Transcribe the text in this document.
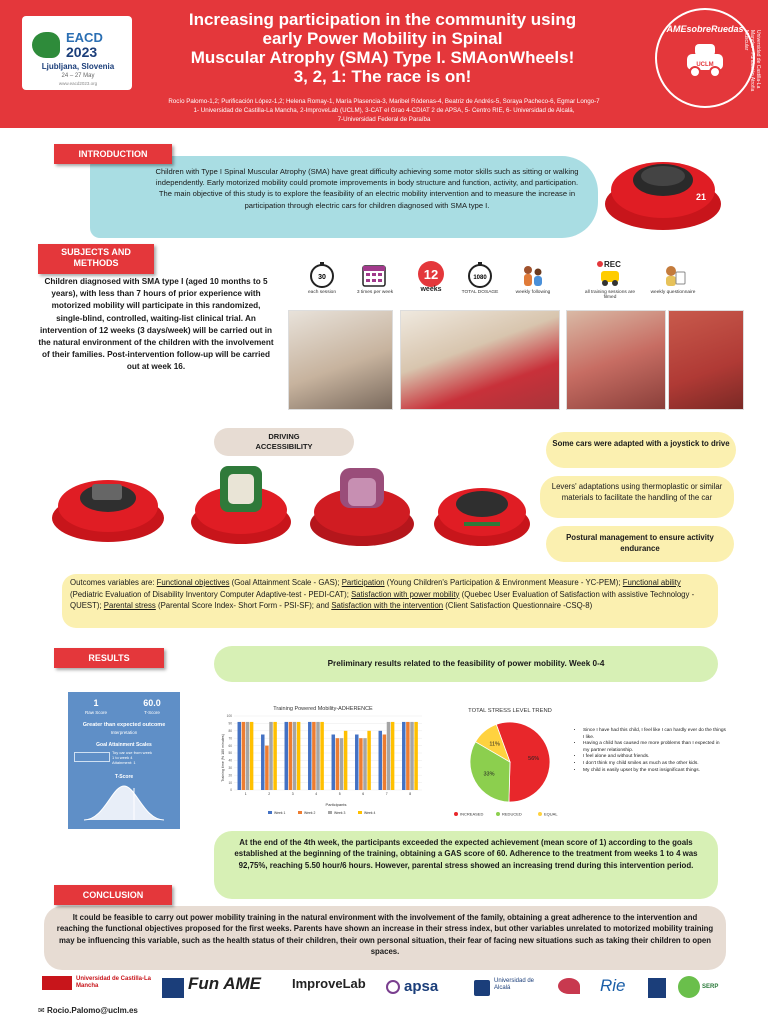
EACD
2023
Ljubljana, Slovenia
24 – 27 May
www.eacd2023.org
Increasing participation in the community using
early Power Mobility in Spinal
Muscular Atrophy (SMA) Type I. SMAonWheels!
3, 2, 1: The race is on!
AMEsobreRuedas
UCLM	Universidad de Castilla-La Mancha • Fundación Atrofia Muscular
Rocío Palomo-1,2; Purificación López-1,2; Helena Romay-1, María Plasencia-3, Maribel Ródenas-4, Beatriz de Andrés-5, Soraya Pacheco-6, Egmar Longo-7
1- Universidad de Castilla-La Mancha, 2-ImproveLab (UCLM), 3-CAT el Grao 4-CDIAT 2 de APSA, 5- Centro RIE, 6- Universidad de Alcalá,
7-Universidad Federal de Paraíba
Children with Type I Spinal Muscular Atrophy (SMA) have great difficulty achieving some motor skills such as sitting or walking independently. Early motorized mobility could promote improvements in body structure and function, activity, and participation. The main objective of this study is to explore the feasibility of an electric mobility intervention and to measure the increase in participation through electric cars for children diagnosed with SMA type I.
INTRODUCTION	21
21
SUBJECTS AND
METHODS
Children diagnosed with SMA type I (aged 10 months to 5 years), with less than 7 hours of prior experience with motorized mobility will participate in this randomized, single-blind, controlled, waiting-list clinical trial. An intervention of 12 weeks (3 days/week) will be carried out in the natural environment of the children with the involvement of their families. Post-intervention follow-up will be carried out at week 16.
30
each session	3 times per week
12
weeks
1080
TOTAL DOSAGE	weekly following
REC
all training sessions are filmed
weekly questionnaire
DRIVING
ACCESSIBILITY
21	21
Some cars were adapted with a joystick to drive
Levers' adaptations using thermoplastic or similar materials to facilitate the handling of the car
Postural management to ensure activity endurance
Outcomes variables are: Functional objectives (Goal Attainment Scale - GAS); Participation (Young Children's Participation & Environment Measure - YC-PEM); Functional ability (Pediatric Evaluation of Disability Inventory Computer Adaptive-test - PEDI-CAT); Satisfaction with power mobility (Quebec User Evaluation of Satisfaction with assistive Technology - QUEST); Parental stress (Parental Score Index- Short Form - PSI-SF); and Satisfaction with the intervention (Client Satisfaction Questionnaire -CSQ-8)
RESULTS
Preliminary results related to the feasibility of power mobility. Week 0-4
1	60.0
Raw Score	T-Score
Greater than expected outcome
Interpretation
Goal Attainment Scales
Toy car use from week
1 to week 4
Attainment: 1
T-Score
Training Powered Mobility-ADHERENCE
Training time (% 180 minutes)
Participants
0
10
20
30
40
50
60
70
80
90
100
1	2	3	4	5	6	7	8
Week 1	Week 2	Week 3	Week 4
TOTAL STRESS LEVEL TREND
56%
33%
11%
INCREASED	REDUCED	EQUAL
• Since I have had this child, I feel like I can hardly ever do the things I like.
• Having a child has caused me more problems than I expected in my partner relationship.
• I feel alone and without friends.
• I don't think my child smiles as much as the other kids.
• My child is easily upset by the most insignificant things.
At the end of the 4th week, the participants exceeded the expected achievement (mean score of 1) according to the goals established at the beginning of the training, obtaining a GAS score of 60. Adherence to the treatment from weeks 1 to 4 was 92,75%, reaching 5.50 hour/6 hours. However, parental stress showed an increasing trend during this intervention period.
It could be feasible to carry out power mobility training in the natural environment with the involvement of the family, obtaining a great adherence to the intervention and reaching the functional objectives proposed for the first weeks. Parents have shown an increase in their stress index, but other variables unrelated to motorized mobility training may be influencing this variable, such as the health status of their children, their own personal situation, their fear of facing new situations such as taking their children to open spaces.
CONCLUSION
Universidad de Castilla-La Mancha	Fun AME ImproveLab	apsa	Universidad de Alcalá	Rie	SERP
✉ Rocio.Palomo@uclm.es
